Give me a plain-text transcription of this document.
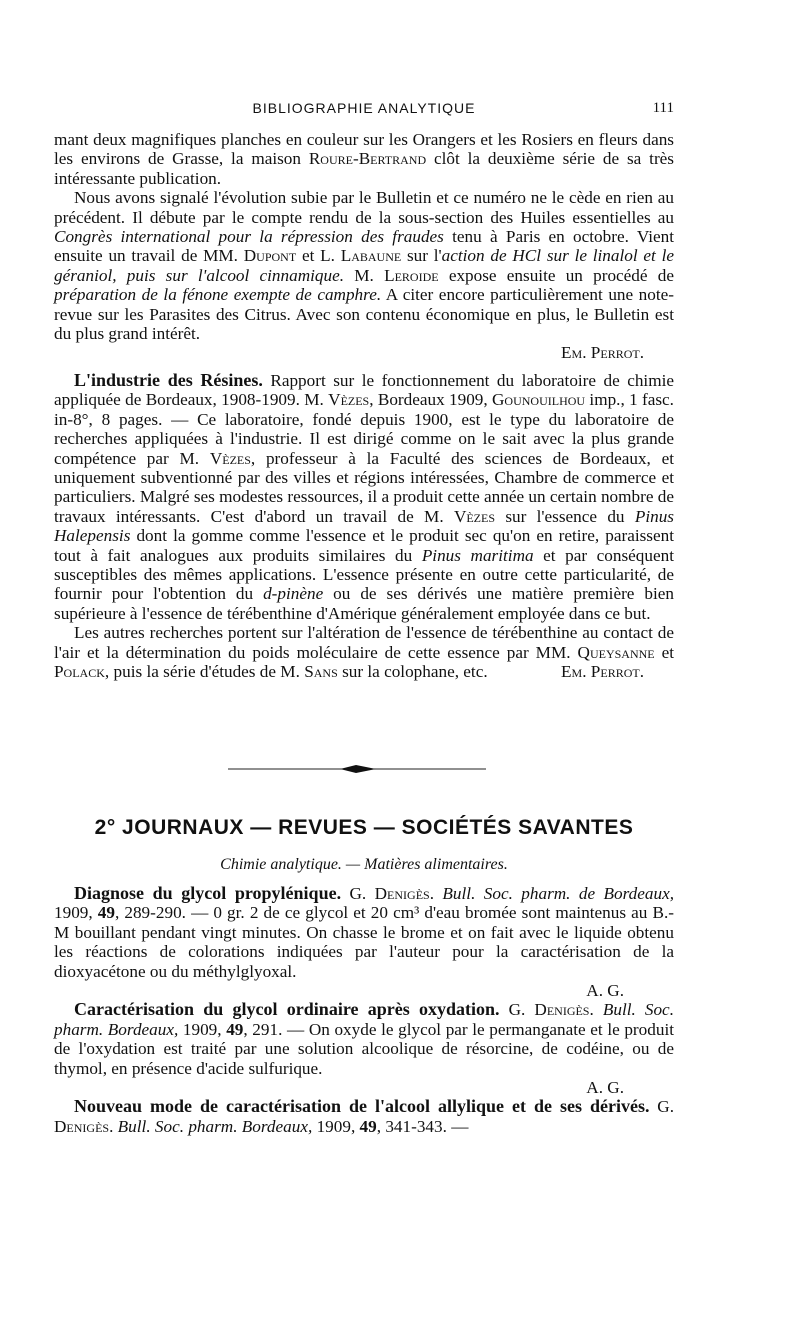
BIBLIOGRAPHIE ANALYTIQUE	111

mant deux magnifiques planches en couleur sur les Orangers et les Rosiers en fleurs dans les environs de Grasse, la maison Roure-Bertrand clôt la deuxième série de sa très intéressante publication.

Nous avons signalé l'évolution subie par le Bulletin et ce numéro ne le cède en rien au précédent. Il débute par le compte rendu de la sous-section des Huiles essentielles au Congrès international pour la répression des fraudes tenu à Paris en octobre. Vient ensuite un travail de MM. Dupont et L. Labaune sur l'action de HCl sur le linalol et le géraniol, puis sur l'alcool cinnamique. M. Leroide expose ensuite un procédé de préparation de la fénone exempte de camphre. A citer encore particulièrement une note-revue sur les Parasites des Citrus. Avec son contenu économique en plus, le Bulletin est du plus grand intérêt.

Em. Perrot.

L'industrie des Résines. Rapport sur le fonctionnement du laboratoire de chimie appliquée de Bordeaux, 1908-1909. M. Vèzes, Bordeaux 1909, Gounouilhou imp., 1 fasc. in-8°, 8 pages. — Ce laboratoire, fondé depuis 1900, est le type du laboratoire de recherches appliquées à l'industrie. Il est dirigé comme on le sait avec la plus grande compétence par M. Vèzes, professeur à la Faculté des sciences de Bordeaux, et uniquement subventionné par des villes et régions intéressées, Chambre de commerce et particuliers. Malgré ses modestes ressources, il a produit cette année un certain nombre de travaux intéressants. C'est d'abord un travail de M. Vèzes sur l'essence du Pinus Halepensis dont la gomme comme l'essence et le produit sec qu'on en retire, paraissent tout à fait analogues aux produits similaires du Pinus maritima et par conséquent susceptibles des mêmes applications. L'essence présente en outre cette particularité, de fournir pour l'obtention du d-pinène ou de ses dérivés une matière première bien supérieure à l'essence de térébenthine d'Amérique généralement employée dans ce but.

Les autres recherches portent sur l'altération de l'essence de térébenthine au contact de l'air et la détermination du poids moléculaire de cette essence par MM. Queysanne et Polack, puis la série d'études de M. Sans sur la colophane, etc.	Em. Perrot.

2° JOURNAUX — REVUES — SOCIÉTÉS SAVANTES
Chimie analytique. — Matières alimentaires.

Diagnose du glycol propylénique. G. Denigès. Bull. Soc. pharm. de Bordeaux, 1909, 49, 289-290. — 0 gr. 2 de ce glycol et 20 cm³ d'eau bromée sont maintenus au B.-M bouillant pendant vingt minutes. On chasse le brome et on fait avec le liquide obtenu les réactions de colorations indiquées par l'auteur pour la caractérisation de la dioxyacétone ou du méthylglyoxal.

A. G.

Caractérisation du glycol ordinaire après oxydation. G. Denigès. Bull. Soc. pharm. Bordeaux, 1909, 49, 291. — On oxyde le glycol par le permanganate et le produit de l'oxydation est traité par une solution alcoolique de résorcine, de codéine, ou de thymol, en présence d'acide sulfurique.

A. G.

Nouveau mode de caractérisation de l'alcool allylique et de ses dérivés. G. Denigès. Bull. Soc. pharm. Bordeaux, 1909, 49, 341-343. —
